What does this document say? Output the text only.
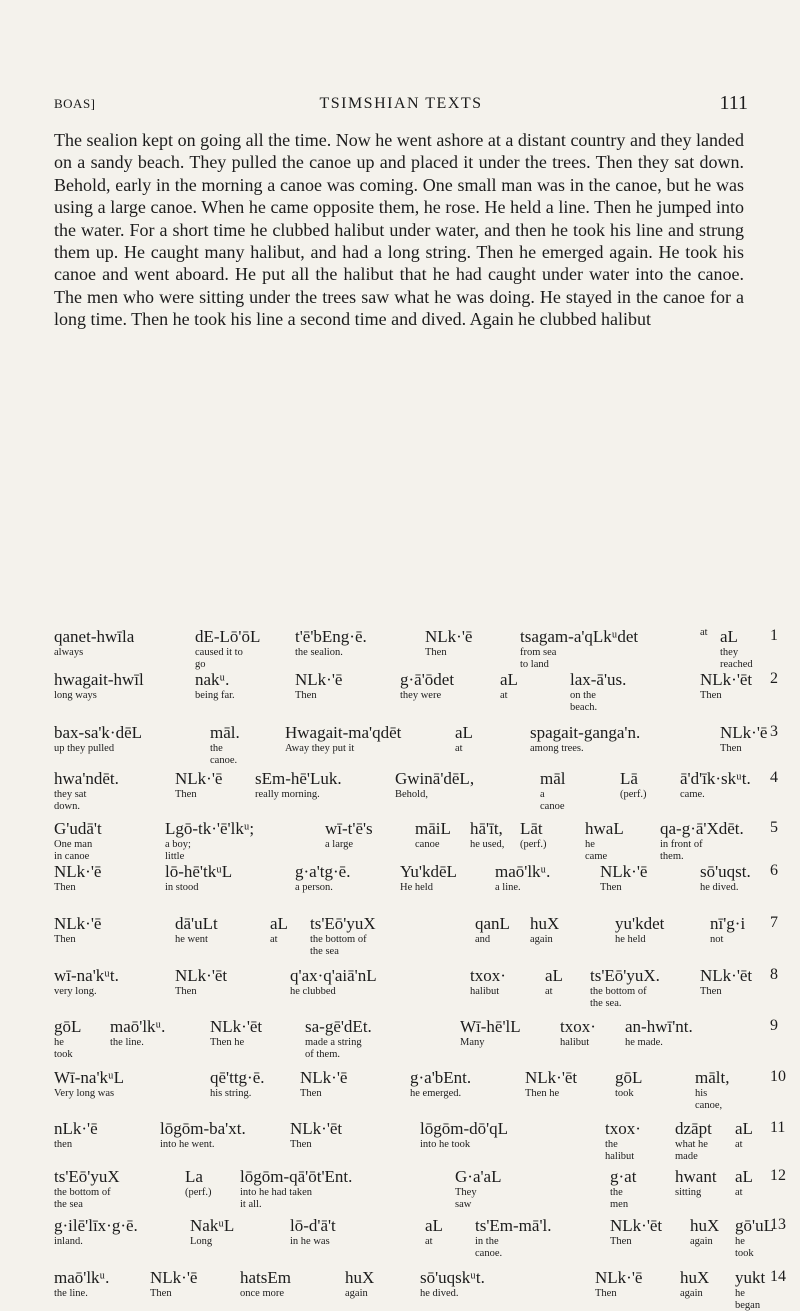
BOAS]	TSIMSHIAN TEXTS	111

The sealion kept on going all the time. Now he went ashore at a distant country and they landed on a sandy beach. They pulled the canoe up and placed it under the trees. Then they sat down. Behold, early in the morning a canoe was coming. One small man was in the canoe, but he was using a large canoe. When he came opposite them, he rose. He held a line. Then he jumped into the water. For a short time he clubbed halibut under water, and then he took his line and strung them up. He caught many halibut, and had a long string. Then he emerged again. He took his canoe and went aboard. He put all the halibut that he had caught under water into the canoe. The men who were sitting under the trees saw what he was doing. He stayed in the canoe for a long time. Then he took his line a second time and dived. Again he clubbed halibut

1
qanet-hwīla
always
dE-Lō'ōL
caused it to
go
t'ē'bEng·ē.
the sealion.
NLk·'ē
Then
tsagam-a'qLkᵘdet
from sea
to land
aL
they
reached
at
2
hwagait-hwīl
long ways
nakᵘ.
being far.
NLk·'ē
Then
g·ā'ōdet
they were
aL
at
lax-ā'us.
on the
beach.
NLk·'ēt
Then
3
bax-sa'k·dēL
up they pulled
māl.
the
canoe.
Hwagait-ma'qdēt
Away they put it
aL
at
spagait-ganga'n.
among trees.
NLk·'ē
Then
4
hwa'ndēt.
they sat
down.
NLk·'ē
Then
sEm-hē'Luk.
really morning.
Gwinā'dēL,
Behold,
māl
a
canoe
Lā
(perf.)
ā'd'īk·skᵘt.
came.
5
G'udā't
One man
in canoe
Lgō-tk·'ē'lkᵘ;
a boy;
little
wī-t'ē's
a large
māiL
canoe
hā'īt,
he used,
Lāt
(perf.)
hwaL
he
came
qa-g·ā'Xdēt.
in front of
them.
6
NLk·'ē
Then
lō-hē'tkᵘL
in stood
g·a'tg·ē.
a person.
Yu'kdēL
He held
maō'lkᵘ.
a line.
NLk·'ē
Then
sō'uqst.
he dived.
7
NLk·'ē
Then
dā'uLt
he went
aL
at
ts'Eō'yuX
the bottom of
the sea
qanL
and
huX
again
yu'kdet
he held
nī'g·i
not
8
wī-na'kᵘt.
very long.
NLk·'ēt
Then
q'ax·q'aiā'nL
he clubbed
txox·
halibut
aL
at
ts'Eō'yuX.
the bottom of
the sea.
NLk·'ēt
Then
9
gōL
he
took
maō'lkᵘ.
the line.
NLk·'ēt
Then he
sa-gē'dEt.
made a string
of them.
Wī-hē'lL
Many
txox·
halibut
an-hwī'nt.
he made.
10
Wī-na'kᵘL
Very long was
qē'ttg·ē.
his string.
NLk·'ē
Then
g·a'bEnt.
he emerged.
NLk·'ēt
Then he
gōL
took
mālt,
his
canoe,
11
nLk·'ē
then
lōgōm-ba'xt.
into he went.
NLk·'ēt
Then
lōgōm-dō'qL
into he took
txox·
the
halibut
dzāpt
what he
made
aL
at
12
ts'Eō'yuX
the bottom of
the sea
La
(perf.)
lōgōm-qā'ōt'Ent.
into he had taken
it all.
G·a'aL
They
saw
g·at
the
men
hwant
sitting
aL
at
13
g·ilē'līx·g·ē.
inland.
NakᵘL
Long
lō-d'ā't
in he was
aL
at
ts'Em-mā'l.
in the
canoe.
NLk·'ēt
Then
huX
again
gō'uL
he
took
14
maō'lkᵘ.
the line.
NLk·'ē
Then
hatsEm
once more
huX
again
sō'uqskᵘt.
he dived.
NLk·'ē
Then
huX
again
yukt
he
began
